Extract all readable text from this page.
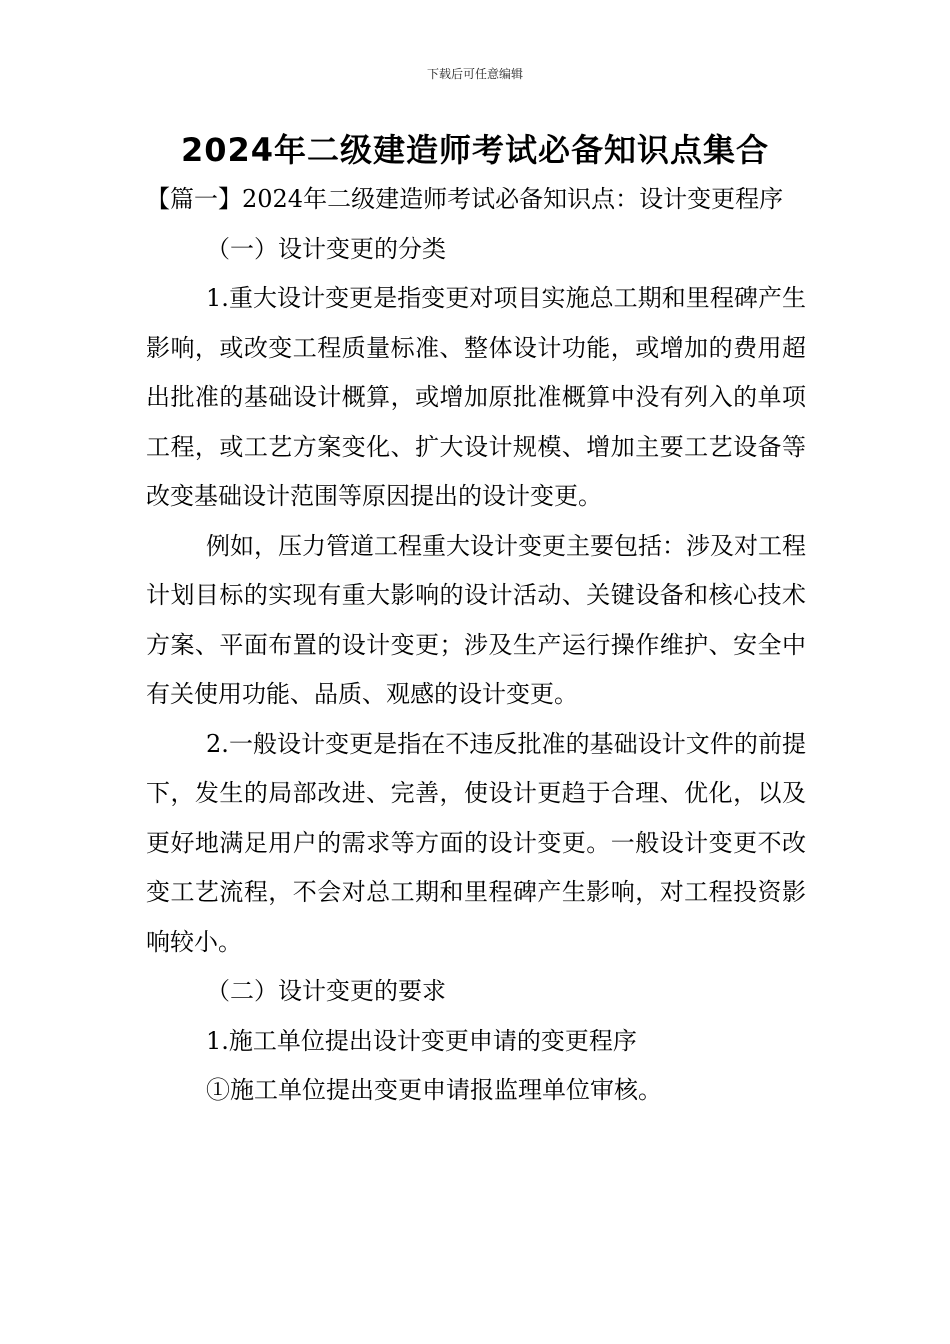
下载后可任意编辑
2024年二级建造师考试必备知识点集合

【篇一】2024年二级建造师考试必备知识点：设计变更程序

（一）设计变更的分类

1.重大设计变更是指变更对项目实施总工期和里程碑产生影响，或改变工程质量标准、整体设计功能，或增加的费用超出批准的基础设计概算，或增加原批准概算中没有列入的单项工程，或工艺方案变化、扩大设计规模、增加主要工艺设备等改变基础设计范围等原因提出的设计变更。

例如，压力管道工程重大设计变更主要包括：涉及对工程计划目标的实现有重大影响的设计活动、关键设备和核心技术方案、平面布置的设计变更；涉及生产运行操作维护、安全中有关使用功能、品质、观感的设计变更。

2.一般设计变更是指在不违反批准的基础设计文件的前提下，发生的局部改进、完善，使设计更趋于合理、优化，以及更好地满足用户的需求等方面的设计变更。一般设计变更不改变工艺流程，不会对总工期和里程碑产生影响，对工程投资影响较小。

（二）设计变更的要求

1.施工单位提出设计变更申请的变更程序

①施工单位提出变更申请报监理单位审核。
